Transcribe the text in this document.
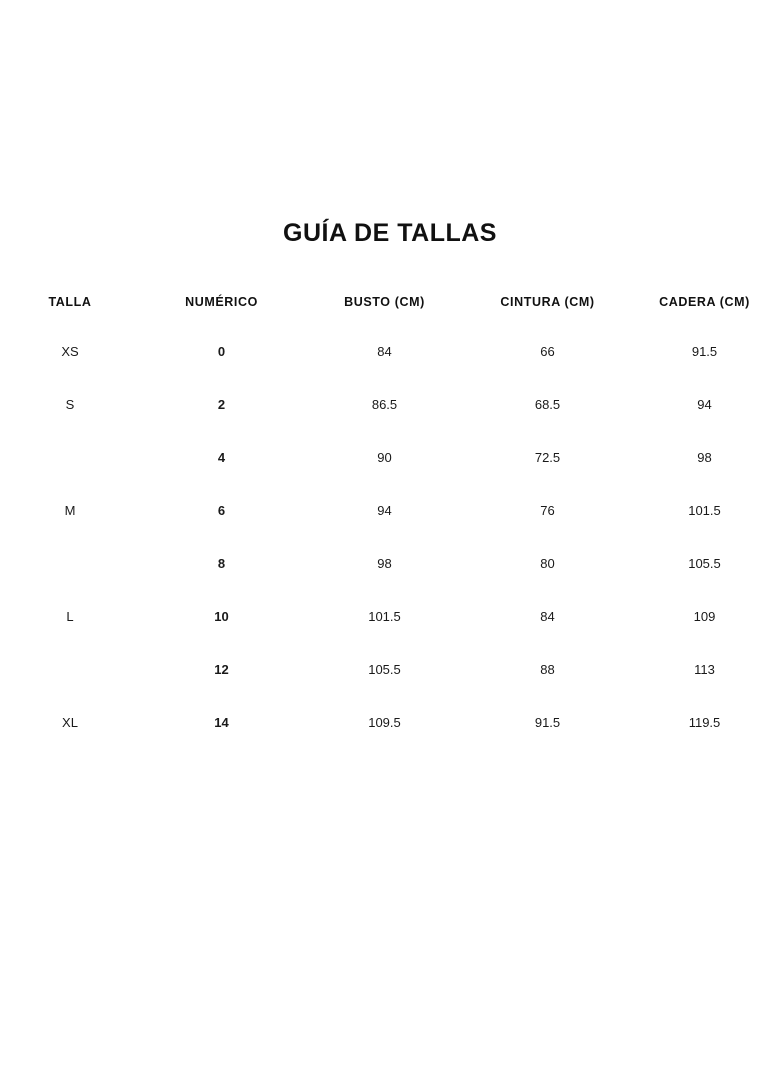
GUÍA DE TALLAS
TALLA	NUMÉRICO	BUSTO (CM)	CINTURA (CM)	CADERA (CM)
XS	0	84	66	91.5
S	2	86.5	68.5	94
	4	90	72.5	98
M	6	94	76	101.5
	8	98	80	105.5
L	10	101.5	84	109
	12	105.5	88	113
XL	14	109.5	91.5	119.5
